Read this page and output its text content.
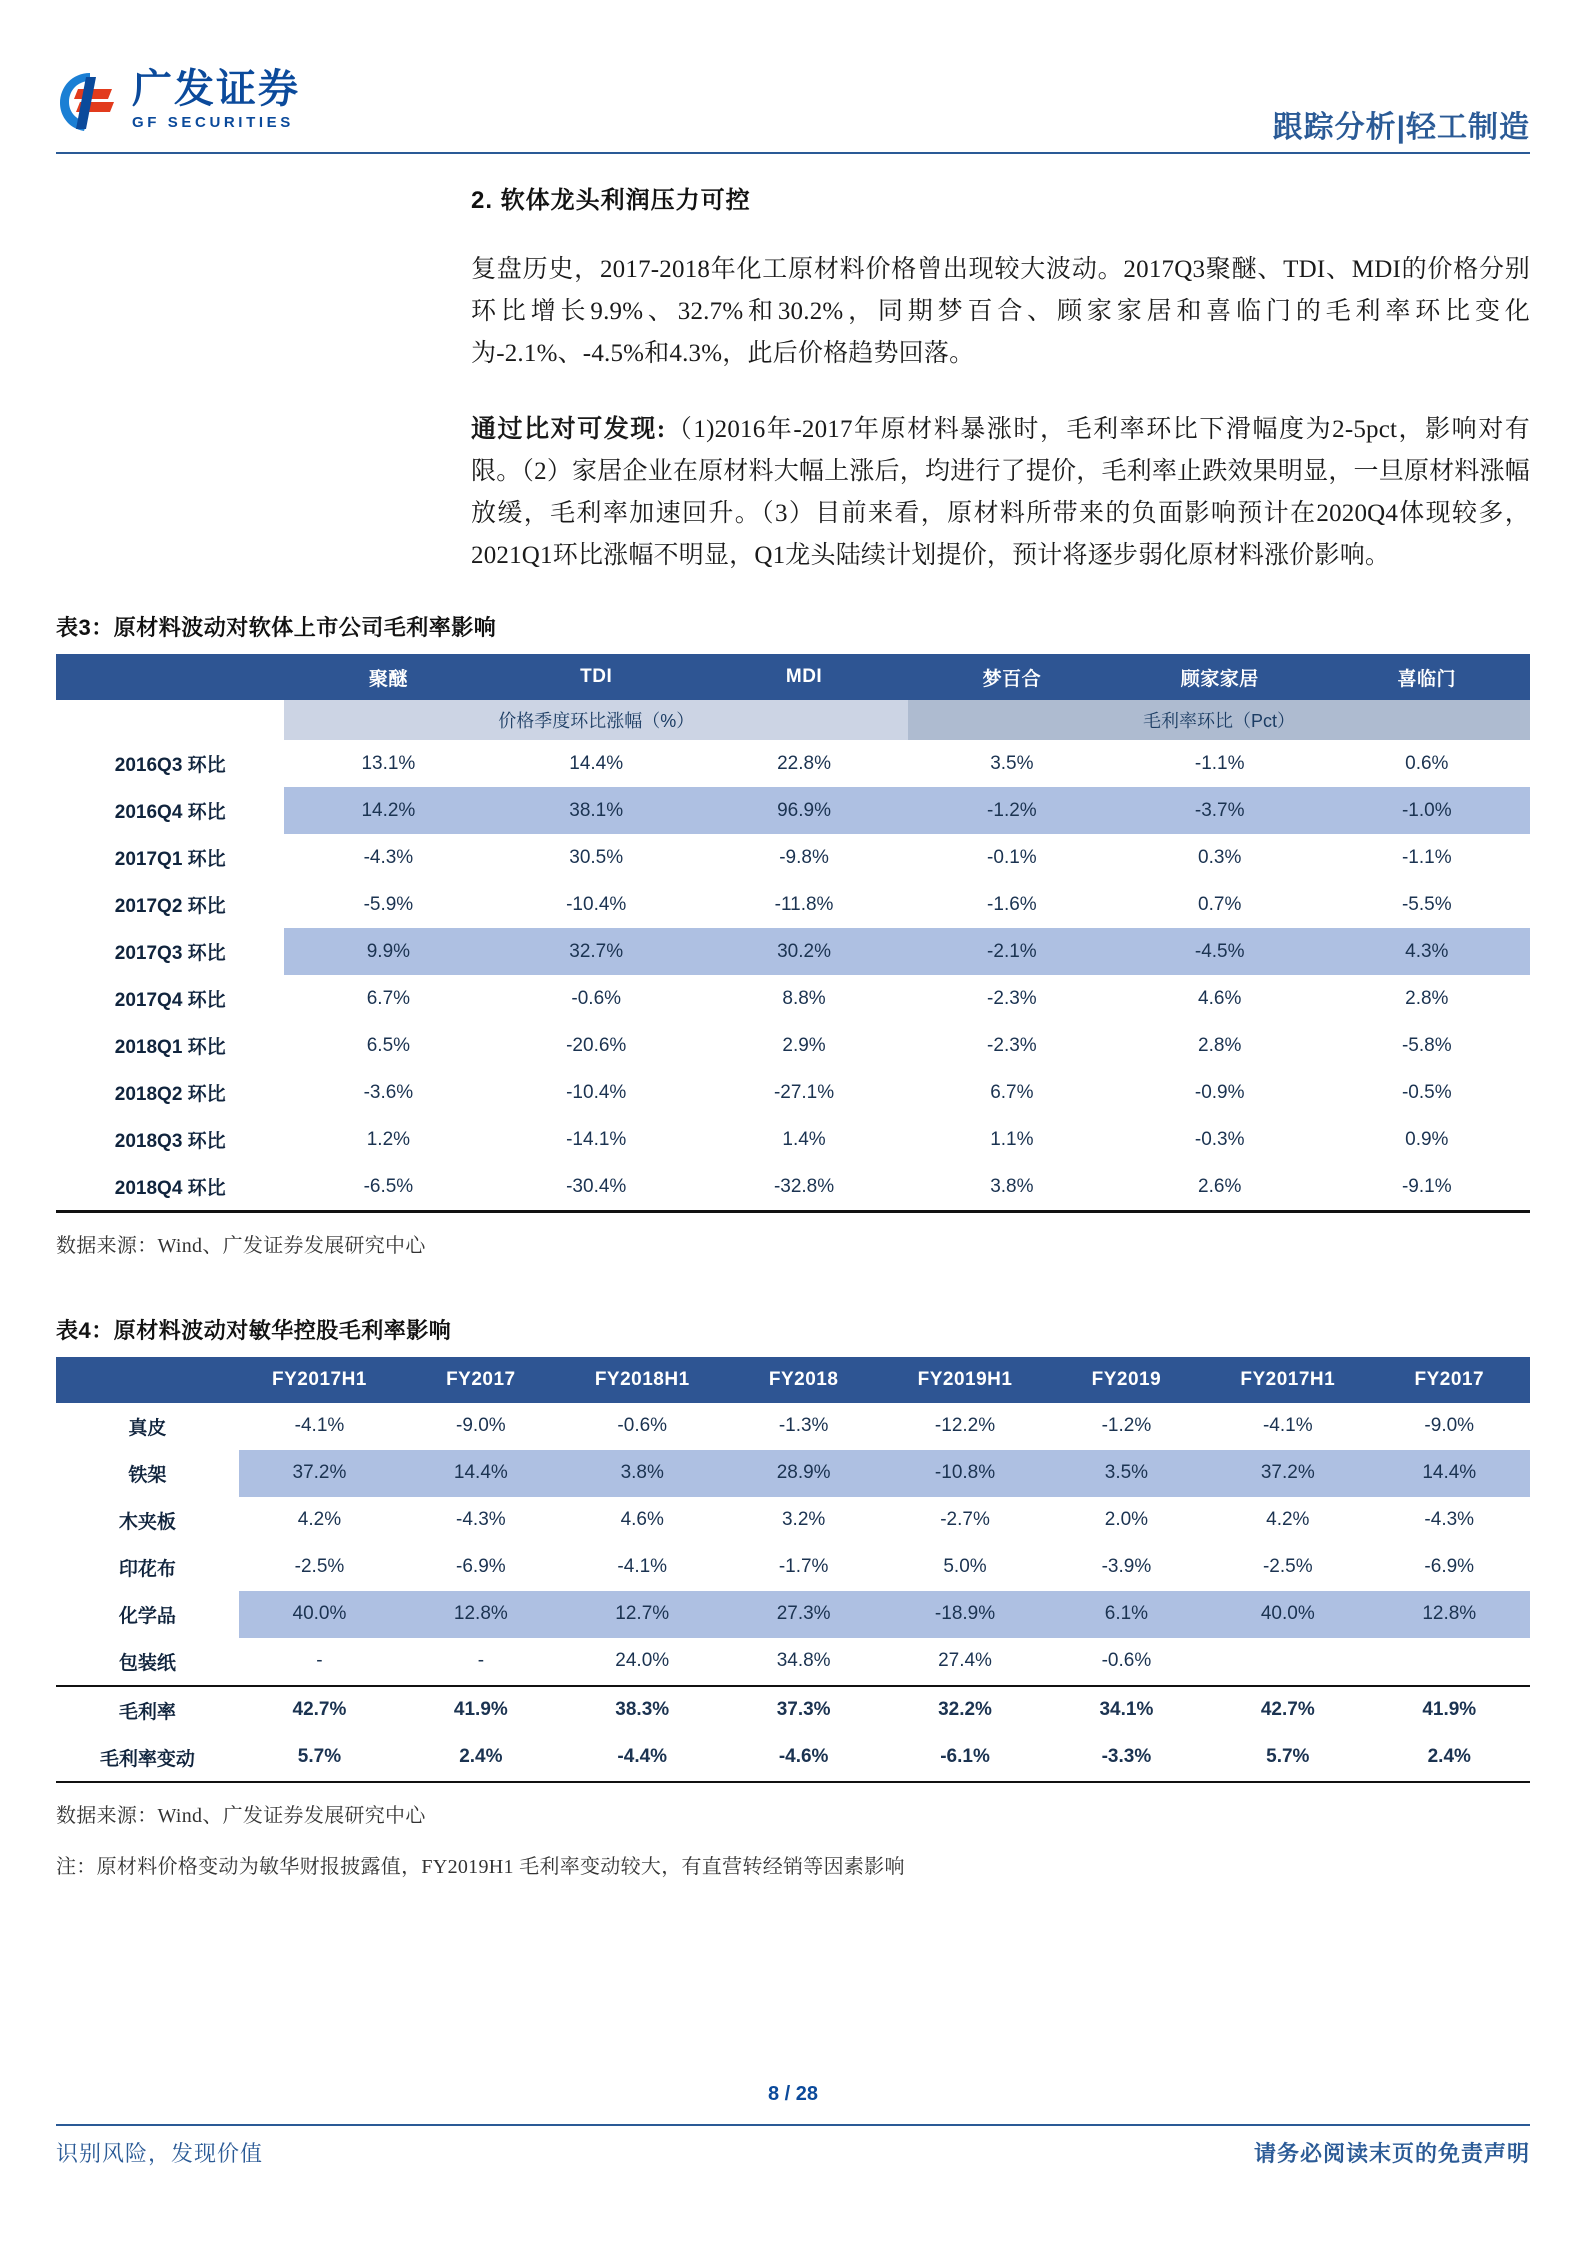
广发证券
GF SECURITIES	跟踪分析|轻工制造
2. 软体龙头利润压力可控

复盘历史，2017-2018年化工原材料价格曾出现较大波动。2017Q3聚醚、TDI、MDI的价格分别环比增长9.9%、32.7%和30.2%，同期梦百合、顾家家居和喜临门的毛利率环比变化为-2.1%、-4.5%和4.3%，此后价格趋势回落。

通过比对可发现:（1)2016年-2017年原材料暴涨时，毛利率环比下滑幅度为2-5pct，影响对有限。（2）家居企业在原材料大幅上涨后，均进行了提价，毛利率止跌效果明显，一旦原材料涨幅放缓，毛利率加速回升。（3）目前来看，原材料所带来的负面影响预计在2020Q4体现较多，2021Q1环比涨幅不明显，Q1龙头陆续计划提价，预计将逐步弱化原材料涨价影响。

表3：原材料波动对软体上市公司毛利率影响
	聚醚	TDI	MDI	梦百合	顾家家居	喜临门
	价格季度环比涨幅（%）			毛利率环比（Pct）		
2016Q3 环比	13.1%	14.4%	22.8%	3.5%	-1.1%	0.6%
2016Q4 环比	14.2%	38.1%	96.9%	-1.2%	-3.7%	-1.0%
2017Q1 环比	-4.3%	30.5%	-9.8%	-0.1%	0.3%	-1.1%
2017Q2 环比	-5.9%	-10.4%	-11.8%	-1.6%	0.7%	-5.5%
2017Q3 环比	9.9%	32.7%	30.2%	-2.1%	-4.5%	4.3%
2017Q4 环比	6.7%	-0.6%	8.8%	-2.3%	4.6%	2.8%
2018Q1 环比	6.5%	-20.6%	2.9%	-2.3%	2.8%	-5.8%
2018Q2 环比	-3.6%	-10.4%	-27.1%	6.7%	-0.9%	-0.5%
2018Q3 环比	1.2%	-14.1%	1.4%	1.1%	-0.3%	0.9%
2018Q4 环比	-6.5%	-30.4%	-32.8%	3.8%	2.6%	-9.1%
数据来源：Wind、广发证券发展研究中心
表4：原材料波动对敏华控股毛利率影响
	FY2017H1	FY2017	FY2018H1	FY2018	FY2019H1	FY2019	FY2017H1	FY2017
真皮	-4.1%	-9.0%	-0.6%	-1.3%	-12.2%	-1.2%	-4.1%	-9.0%
铁架	37.2%	14.4%	3.8%	28.9%	-10.8%	3.5%	37.2%	14.4%
木夹板	4.2%	-4.3%	4.6%	3.2%	-2.7%	2.0%	4.2%	-4.3%
印花布	-2.5%	-6.9%	-4.1%	-1.7%	5.0%	-3.9%	-2.5%	-6.9%
化学品	40.0%	12.8%	12.7%	27.3%	-18.9%	6.1%	40.0%	12.8%
包装纸	-	-	24.0%	34.8%	27.4%	-0.6%		
毛利率	42.7%	41.9%	38.3%	37.3%	32.2%	34.1%	42.7%	41.9%
毛利率变动	5.7%	2.4%	-4.4%	-4.6%	-6.1%	-3.3%	5.7%	2.4%
数据来源：Wind、广发证券发展研究中心
注：原材料价格变动为敏华财报披露值，FY2019H1 毛利率变动较大，有直营转经销等因素影响
8 / 28
识别风险，发现价值	请务必阅读末页的免责声明
